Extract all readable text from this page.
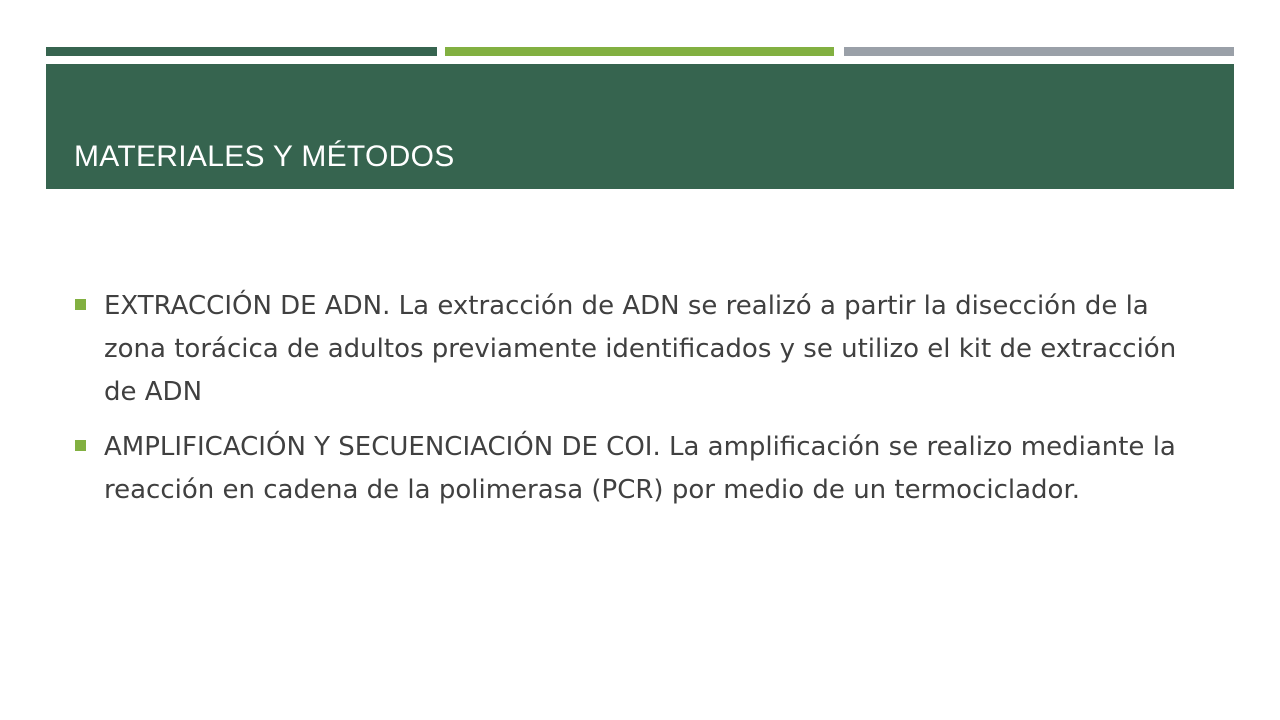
MATERIALES Y MÉTODOS
EXTRACCIÓN DE ADN. La extracción de ADN se realizó a partir la disección de la zona torácica de adultos previamente identificados y se utilizo el kit de extracción de ADN
AMPLIFICACIÓN Y SECUENCIACIÓN DE COI. La amplificación se realizo mediante la reacción en cadena de la polimerasa (PCR) por medio de un termociclador.
